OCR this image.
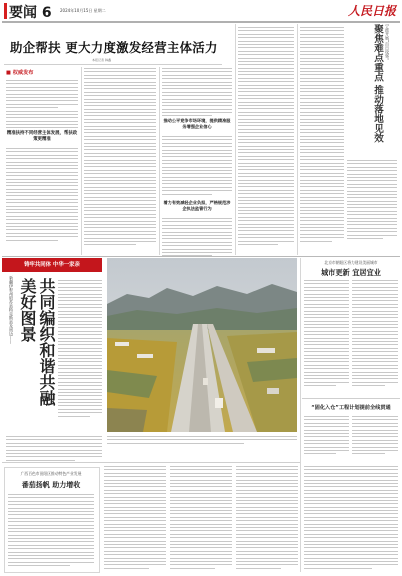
要闻 6 2024年10月15日 星期二	人民日报
助企帮扶 更大力度激发经营主体活力
本报记者 韩鑫
■ 权威发布
精准扶持不同经营主体发展，帮扶政策更精准
推动公平竞争市场环境，提供精准服务增强企业信心
着力有效减轻企业负担，严格规范涉企执法监管行为
宁波开展“百日攻坚”
聚焦难点重点 推动落地见效
铸牢共同体 中华一家亲
新疆伊犁州昭苏县特克斯县及周边——	共同编织和谐共融美好图景
北京市朝阳区将力建设美丽城市
城市更新 宜居宜业
“固化入仓”工程计划提前全线贯通
广西百色市田阳区推动特色产业发展
番茄扬帆 助力增收
